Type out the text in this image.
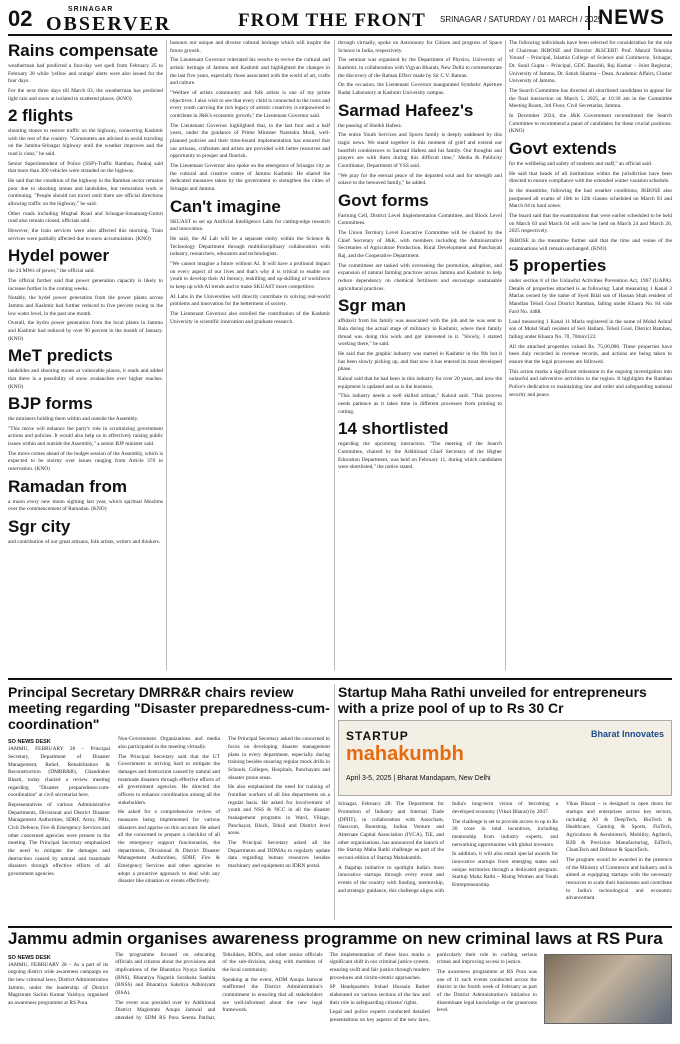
02	SRINAGAR
OBSERVER	FROM THE FRONT SRINAGAR / SATURDAY / 01 MARCH / 2025
NEWS
Rains compensate

weatherman had predicted a four-day wet spell from February 25 to February 28 while 'yellow and orange' alerts were also issued for the four days.

For the next three days till March 03, the weatherman has predicted light rain and snow at isolated to scattered places. (KNO)

2 flights

shooting stones to restore traffic on the highway, connecting Kashmir with the rest of the country. "Commuters are advised to avoid traveling on the Jammu-Srinagar highway until the weather improves and the road is clear," he said.

Senior Superintendent of Police (SSP)-Traffic Ramban, Pankaj said that more than 300 vehicles were stranded on the highway.

He said that the condition of the highway in the Ramban sector remains poor due to shooting stones and landslides, but restoration work is continuing. "People should not travel until there are official directions allowing traffic on the highway," he said.

Other roads including Mughal Road and Srinagar-Sonamarg-Gumri road also remain closed, officials said.

However, the train services were also affected this morning. Train services were partially affected due to snow accumulation. (KNO)

Hydel power

the 24 MWs of power," the official said.

The official further said that power generation capacity is likely to increase further in the coming weeks.

Notably, the hydel power generation from the power plants across Jammu and Kashmir had further reduced to five percent owing to the low water level, in the past one month.

Overall, the hydro power generation from the local plants in Jammu and Kashmir had reduced by over 90 percent in the month of January. (KNO)

MeT predicts

landslides and shooting stones at vulnerable places, it reads and added that there is a possibility of snow avalanches over higher reaches. (KNO)

BJP forms

the ministers holding them within and outside the Assembly.

"This move will enhance the party's role in scrutinizing government actions and policies. It would also help us in effectively raising public issues within and outside the Assembly," a senior BJP minister said.

The move comes ahead of the budget session of the Assembly, which is expected to be stormy over issues ranging from Article 370 to reservation. (KNO)

Ramadan from

a moon every new moon sighting last year, which spiritual Muslims over the commencement of Ramadan. (KNO)

Sgr city

and contribution of our great artisans, folk artists, writers and thinkers.

honours our unique and diverse cultural heritage which will inspire the future growth.

The Lieutenant Governor reiterated his resolve to revive the cultural and artistic heritage of Jammu and Kashmir and highlighted the changes in the last five years, especially those associated with the world of art, crafts and culture.

"Welfare of artists community and folk artists is one of my prime objectives. I also wish to see that every child is connected to the roots and every youth carrying the rich legacy of artistic creativity is empowered to contribute in J&K's economic growth," the Lieutenant Governor said.

The Lieutenant Governor highlighted that, in the last four and a half years, under the guidance of Prime Minister Narendra Modi, well-planned policies and their time-bound implementation has ensured that our artisans, craftsmen and artists are provided with better resources and opportunity to prosper and flourish.

The Lieutenant Governor also spoke on the emergence of Srinagar city as the cultural and creative centre of Jammu Kashmir. He shared the dedicated measures taken by the government to strengthen the cities of Srinagar and Jammu.

Can't imagine

SKUAST to set up Artificial Intelligence Labs for cutting-edge research and innovation.

He said, the AI Lab will be a separate entity within the Science & Technology Department through multidisciplinary collaboration with industry, researchers, educators and technologists.

"We cannot imagine a future without AI. It will have a profound impact on every aspect of our lives and that's why it is critical to enable our youth to develop their AI literacy, reskilling and up-skilling of workforce to keep up with AI trends and to make SKUAST more competitive.

AI Labs in the Universities will directly contribute to solving real-world problems and innovation for the betterment of society.

The Lieutenant Governor also extolled the contribution of the Kashmir University in scientific innovation and graduate research.

through virtually, spoke on Astronomy for Citizen and progress of Space Science in India, respectively.

The seminar was organised by the Department of Physics, University of Kashmir, in collaboration with Vigyan Bharati, New Delhi to commemorate the discovery of the Raman Effect made by Sir C.V. Raman.

On the occasion, the Lieutenant Governor inaugurated Synthetic Aperture Radar Laboratory at Kashmir University campus.

Sarmad Hafeez's

the passing of Sheikh Hafeez.

The entire Youth Services and Sports family is deeply saddened by this tragic news. We stand together in this moment of grief and extend our heartfelt condolences to Sarmad Hafeez and his family. Our thoughts and prayers are with them during this difficult time," Media & Publicity Coordinator, Department of YSS said.

"We pray for the eternal peace of the departed soul and for strength and solace to the bereaved family," he added.

Govt forms

Farming Cell, District Level Implementation Committee, and Block Level Committees.

The Union Territory Level Executive Committee will be chaired by the Chief Secretary of J&K, with members including the Administrative Secretaries of Agriculture Production, Rural Development and Panchayati Raj, and the Cooperative Department.

The committees are tasked with overseeing the promotion, adoption, and expansion of natural farming practices across Jammu and Kashmir to help reduce dependency on chemical fertilisers and encourage sustainable agricultural practices.

Sgr man

affidavit from his family was associated with the job and he was sent to Bala during the actual stage of militancy in Kashmir, where their family thread was doing this work and got interested in it. "Slowly, I started working there," he said.

He said that the graphic industry was started in Kashmir in the 90s but it has been slowly picking up, and that now it has entered its most developed phase.

Kaloul said that he had been in this industry for over 20 years, and now the equipment is updated and so is the business.

"This industry needs a well skilled artisan," Kaloul said. "This process needs patience as it takes time in different processes from printing to cutting.

14 shortlisted

regarding the upcoming interaction. "The meeting of the Search Committee, chaired by the Additional Chief Secretary of the Higher Education Department, was held on February 11, during which candidates were shortlisted," the notice stated.

The following individuals have been selected for consideration for the role of Chairman JKBOSE and Director JKSCERT: Prof. Manzil Tehmina Yousuf – Principal, Islamia College of Science and Commerce, Srinagar, Dr. Sunil Gupta – Principal, GDC Basohli, Raj Kumar – Joint Registrar, University of Jammu, Dr. Satish Sharma – Dean, Academic Affairs, Cluster University of Jammu.

The Search Committee has directed all shortlisted candidates to appear for the final interaction on March 5, 2025, at 10:30 am in the Committee Meeting Room, 3rd Floor, Civil Secretariat, Jammu.

In December 2024, the J&K Government reconstituted the Search Committee to recommend a panel of candidates for these crucial positions. (KNO)

Govt extends

for the wellbeing and safety of students and staff," an official said.

He said that heads of all institutions within the jurisdiction have been directed to ensure compliance with the extended winter vacation schedule.

In the meantime, following the bad weather conditions, JKBOSE also postponed all exams of 10th to 12th classes scheduled on March 03 and March 04 in hard zones.

The board said that the examinations that were earlier scheduled to be held on March 03 and March 04 will now be held on March 24 and March 26, 2025 respectively.

JKBOSE in the meantime further said that the time and venue of the examinations will remain unchanged. (KNO)

5 properties

under section 8 of the Unlawful Activities Prevention Act, 1967 (UAPA). Details of properties attached is as following: Land measuring 1 Kanal 3 Marlas owned by the name of Syed Bilal son of Hassan Shah resident of Mandlan Tehsil Gool District Ramban, falling under Khasra No. 84 vide Fard No. 4488.

Land measuring 1 Kanal 11 Marla registered in the name of Mohd Ashraf son of Mohd Shafi resident of Seri Hallam, Tehsil Gool, District Ramban, falling under Khasra No. 70, 70min/122.

All the attached properties valued Rs. 75,00,000. These properties have been duly recorded in revenue records, and actions are being taken to ensure that the legal processes are followed.

This action marks a significant milestone in the ongoing investigation into unlawful and subversive activities in the region. It highlights the Ramban Police's dedication to maintaining law and order and safeguarding national security and peace.

Principal Secretary DMRR&R chairs review meeting regarding "Disaster preparedness-cum-coordination"
SO NEWS DESK

JAMMU, FEBRUARY 28 – Principal Secretary, Department of Disaster Management, Relief, Rehabilitation & Reconstruction (DMRR&R), Chandraker Bharti, today chaired a review meeting regarding "Disaster preparedness-cum-coordination" at civil secretariat here.

Representatives of various Administrative Departments, Divisional and District Disaster Management Authorities, SDRF, Army, PRIs, Civil Defence, Fire & Emergency Services and other concerned agencies were present in the meeting. The Principal Secretary emphasized the need to mitigate the damages and destruction caused by natural and manmade disasters through effective efforts of all government agencies.

Non-Government Organizations and media also participated in the meeting virtually.

The Principal Secretary said that the UT Government is striving hard to mitigate the damages and destruction caused by natural and manmade disasters through effective efforts of all government agencies. He directed the officers to enhance coordination among all the stakeholders.

He asked for a comprehensive review of measures being implemented for various disasters and apprise on this account. He asked all the concerned to prepare a checklist of all the emergency support functionaries, the departments, Divisional & District Disaster Management Authorities, SDRF, Fire & Emergency Services and other agencies to adopt a proactive approach to deal with any disaster like situation or events effectively.

The Principal Secretary asked the concerned to focus on developing disaster management plans in every department, especially during training besides ensuring regular mock drills in Schools, Colleges, Hospitals, Panchayats and disaster prone areas.

He also emphasized the need for training of frontline workers of all line departments on a regular basis. He asked for involvement of youth and NSS & NCC in all the disaster management programs in Ward, Village, Panchayat, Block, Tehsil and District level areas.

The Principal Secretary asked all the Departments and DDMAs to regularly update data regarding human resources besides machinery and equipment on IDRN portal.

Startup Maha Rathi unveiled for entrepreneurs with a prize pool of up to Rs 30 Cr
STARTUP
mahakumbh
April 3-5, 2025 | Bharat Mandapam, New Delhi
Bharat Innovates

Srinagar, February 28: The Department for Promotion of Industry and Internal Trade (DPIIT), in collaboration with Assocham, Nasscom, Bootstrap, Indian Venture and Alternate Capital Association (IVCA), TiE, and other organizations, has announced the launch of the Startup Maha Rathi challenge as part of the second edition of Startup Mahakumbh.

A flagship initiative to spotlight India's most innovative startups through every event and events of the country with funding, mentorship, and strategic guidance, this challenge aligns with India's long-term vision of becoming a developed economy (Viksit Bharat) by 2047.

The challenge is set to provide access to up to Rs 30 crore in total incentives, including mentorship from industry experts, and networking opportunities with global investors.

In addition, it will also entail special awards for innovative startups from emerging states and unique territories through a dedicated program. Startup Maha Rathi – Rising Women and Youth Entrepreneurship.

Vikas Bharat – is designed to open doors for startups and enterprises across key sectors, including AI & DeepTech, BioTech & Healthcare, Gaming & Sports, FinTech, Agriculture & Aerobiotech, Mobility, Agritech, B2B & Precision Manufacturing, EdTech, CleanTech and Defence & SpaceTech.

The program would be awarded in the presence of the Ministry of Commerce and Industry and is aimed at equipping startups with the necessary resources to scale their businesses and contribute to India's technological and economic advancement.

Jammu admin organises awareness programme on new criminal laws at RS Pura
SO NEWS DESK

JAMMU, FEBRUARY 28 – As a part of its ongoing district wide awareness campaign on the new criminal laws, District Administration Jammu, under the leadership of District Magistrate Sachin Kumar Vaishya, organised an awareness programme at RS Pura.

The programme focused on educating officials and citizens about the provisions and implications of the Bharatiya Nyaya Sanhita (BNS), Bharatiya Nagarik Suraksha Sanhita (BNSS) and Bharatiya Sakshya Adhiniyam (BSA).

The event was presided over by Additional District Magistrate Anupa Jamwal and attended by SDM RS Pura Seema Parihar, Tehsildars, BDOs, and other senior officials of the sub-division, along with members of the local community.

Speaking at the event, ADM Anupa Jamwal reaffirmed the District Administration's commitment to ensuring that all stakeholders are well-informed about the new legal framework.

The implementation of these laws marks a significant shift in our criminal justice system, ensuring swift and fair justice through modern procedures and victim-centric approaches.

SP Headquarters Irshad Hussain Rather elaborated on various sections of the law and their role in safeguarding citizens' rights.

Legal and police experts conducted detailed presentations on key aspects of the new laws, particularly their role in curbing serious crimes and improving access to justice.

The awareness programme at RS Pura was one of 11 such events conducted across the district in the fourth week of February as part of the District Administration's initiative to disseminate legal knowledge at the grassroots level.
